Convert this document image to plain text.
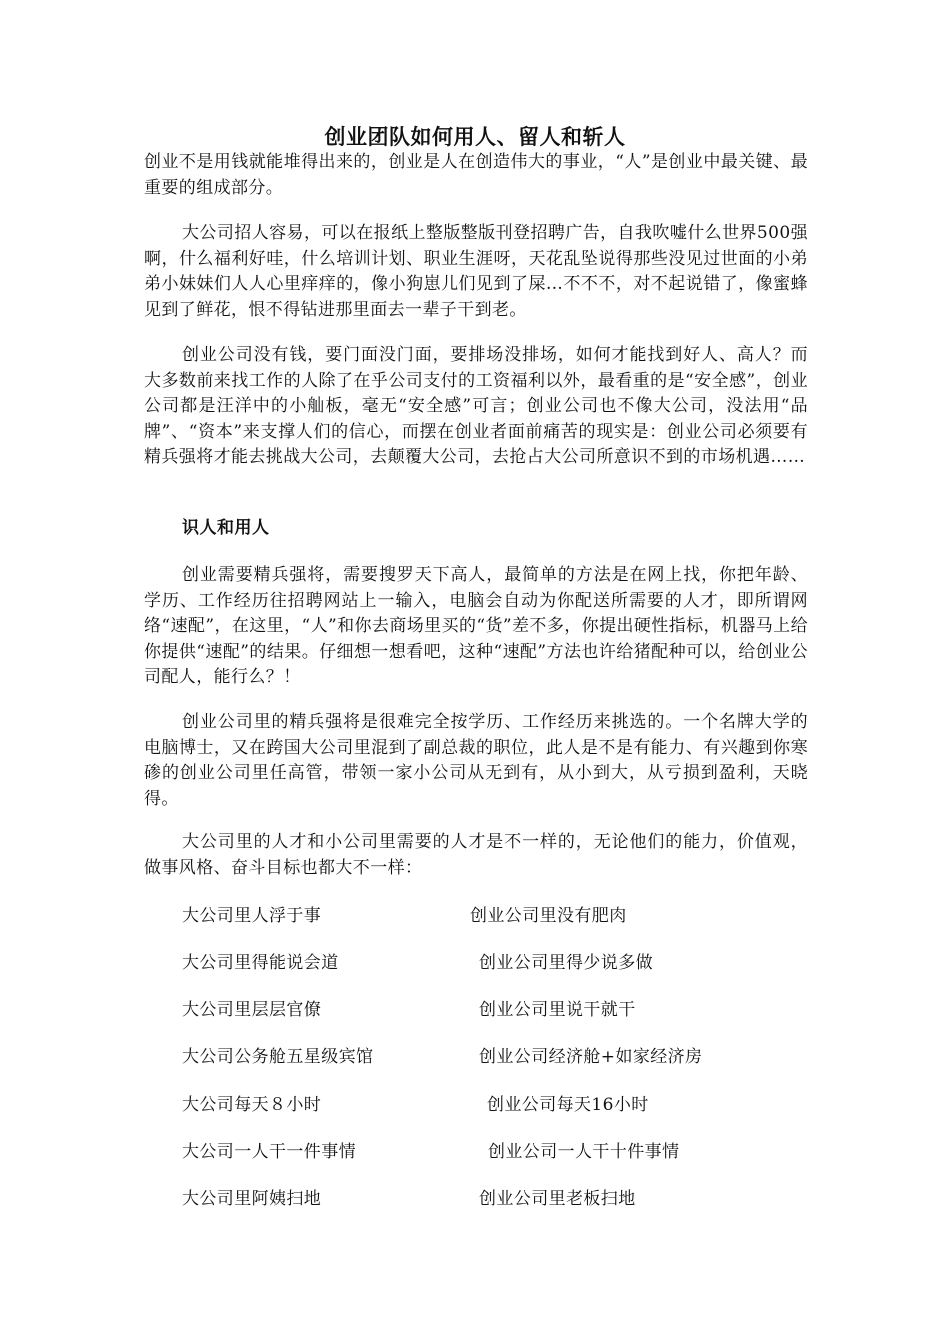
创业团队如何用人、留人和斩人

创业不是用钱就能堆得出来的，创业是人在创造伟大的事业，“人”是创业中最关键、最重要的组成部分。

大公司招人容易，可以在报纸上整版整版刊登招聘广告，自我吹嘘什么世界500强啊，什么福利好哇，什么培训计划、职业生涯呀，天花乱坠说得那些没见过世面的小弟弟小妹妹们人人心里痒痒的，像小狗崽儿们见到了屎…不不不，对不起说错了，像蜜蜂见到了鲜花，恨不得钻进那里面去一辈子干到老。

创业公司没有钱，要门面没门面，要排场没排场，如何才能找到好人、高人？而大多数前来找工作的人除了在乎公司支付的工资福利以外，最看重的是“安全感”，创业公司都是汪洋中的小舢板，毫无“安全感”可言；创业公司也不像大公司，没法用“品牌”、“资本”来支撑人们的信心，而摆在创业者面前痛苦的现实是：创业公司必须要有精兵强将才能去挑战大公司，去颠覆大公司，去抢占大公司所意识不到的市场机遇……

识人和用人

创业需要精兵强将，需要搜罗天下高人，最简单的方法是在网上找，你把年龄、学历、工作经历往招聘网站上一输入，电脑会自动为你配送所需要的人才，即所谓网络“速配”，在这里，“人”和你去商场里买的“货”差不多，你提出硬性指标，机器马上给你提供“速配”的结果。仔细想一想看吧，这种“速配”方法也许给猪配种可以，给创业公司配人，能行么？！

创业公司里的精兵强将是很难完全按学历、工作经历来挑选的。一个名牌大学的电脑博士，又在跨国大公司里混到了副总裁的职位，此人是不是有能力、有兴趣到你寒碜的创业公司里任高管，带领一家小公司从无到有，从小到大，从亏损到盈利，天晓得。

大公司里的人才和小公司里需要的人才是不一样的，无论他们的能力，价值观，做事风格、奋斗目标也都大不一样：

大公司里人浮于事	创业公司里没有肥肉
大公司里得能说会道	创业公司里得少说多做
大公司里层层官僚	创业公司里说干就干
大公司公务舱五星级宾馆	创业公司经济舱+如家经济房
大公司每天８小时	创业公司每天16小时
大公司一人干一件事情	创业公司一人干十件事情
大公司里阿姨扫地	创业公司里老板扫地
